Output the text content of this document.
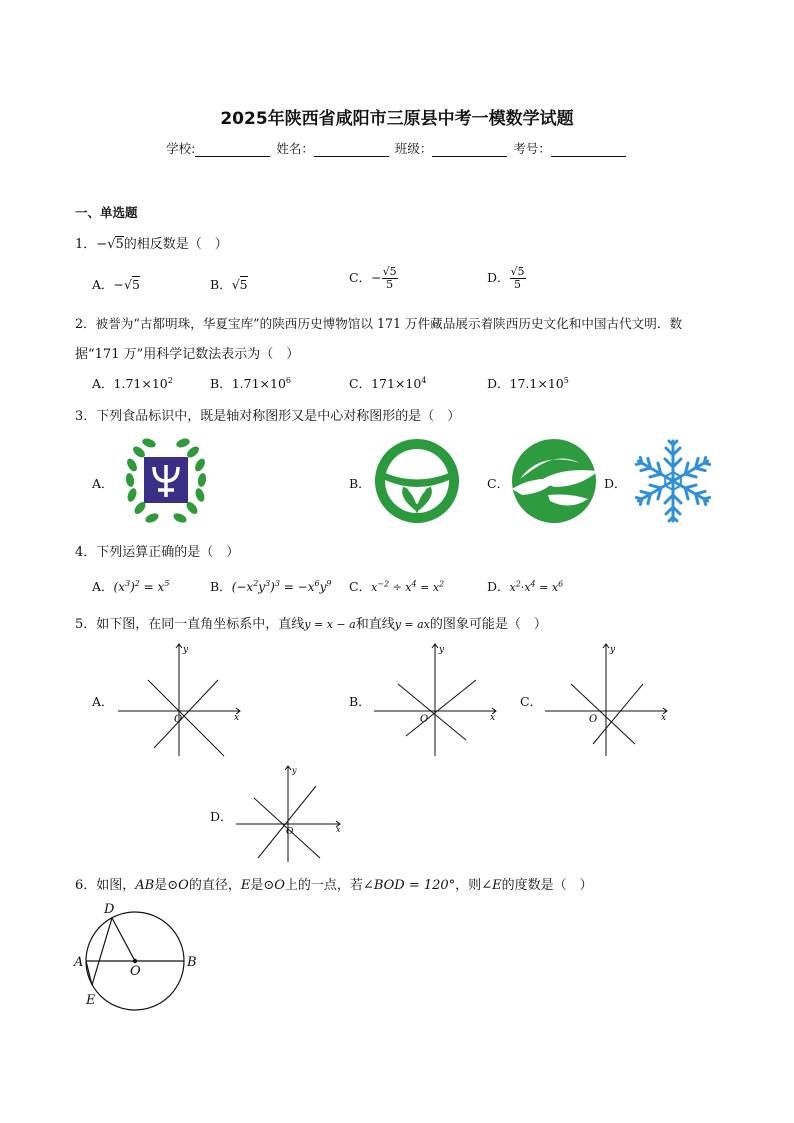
2025年陕西省咸阳市三原县中考一模数学试题
学校:	姓名：	班级：	考号：
一、单选题
1．−√5的相反数是（　）
A．−√5	B．√5	C．− $\frac{√5}{5}$	D． $\frac{√5}{5}$
2．被誉为“古都明珠，华夏宝库”的陕西历史博物馆以 171 万件藏品展示着陕西历史文化和中国古代文明．数
据“171 万”用科学记数法表示为（　）
A．$1.71\times 10^2$	B．$1.71\times 10^6$	C．$171\times 10^4$	D．$17.1\times 10^5$
3．下列食品标识中，既是轴对称图形又是中心对称图形的是（　）
A．	B．	C．	D．
4．下列运算正确的是（　）
A．$(x^3)^2 = x^5$	B．$(-x^2y^3)^3 = -x^6y^9$ C．$x^{-2} \div x^4 = x^2$	D．$x^2\cdot x^4 = x^6$
5．如下图，在同一直角坐标系中，直线y = x − a和直线y = ax的图象可能是（　）
A．	B．	C．
D．
y
x
O
y
x
O
y
x
O
y
x
O
6．如图，AB是⊙O的直径，E是⊙O上的一点，若∠BOD = 120°，则∠E的度数是（　）
D
A
O
B
E
